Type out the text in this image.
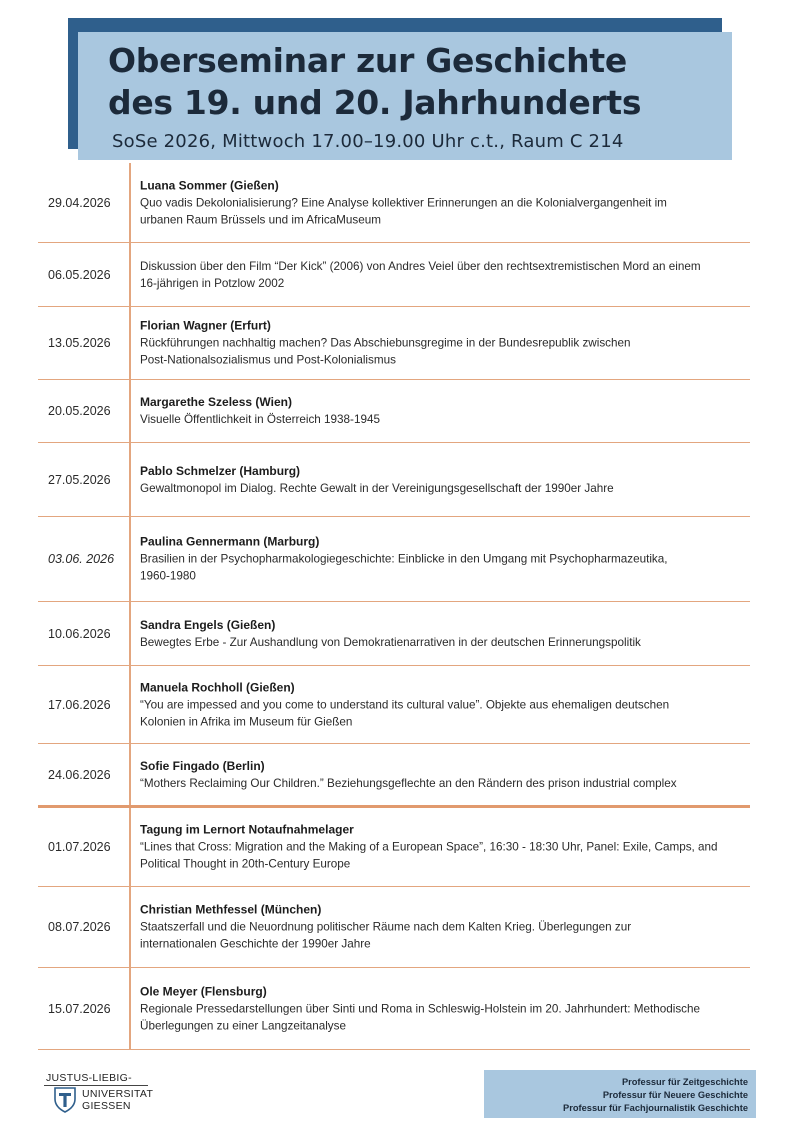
Oberseminar zur Geschichte
des 19. und 20. Jahrhunderts

SoSe 2026, Mittwoch 17.00–19.00 Uhr c.t., Raum C 214

29.04.2026
Luana Sommer (Gießen)
Quo vadis Dekolonialisierung? Eine Analyse kollektiver Erinnerungen an die Kolonialvergangenheit im
urbanen Raum Brüssels und im AfricaMuseum
06.05.2026
Diskussion über den Film “Der Kick” (2006) von Andres Veiel über den rechtsextremistischen Mord an einem
16-jährigen in Potzlow 2002
13.05.2026
Florian Wagner (Erfurt)
Rückführungen nachhaltig machen? Das Abschiebunsgregime in der Bundesrepublik zwischen
Post-Nationalsozialismus und Post-Kolonialismus
20.05.2026
Margarethe Szeless (Wien)
Visuelle Öffentlichkeit in Österreich 1938-1945
27.05.2026
Pablo Schmelzer (Hamburg)
Gewaltmonopol im Dialog. Rechte Gewalt in der Vereinigungsgesellschaft der 1990er Jahre
03.06. 2026
Paulina Gennermann (Marburg)
Brasilien in der Psychopharmakologiegeschichte: Einblicke in den Umgang mit Psychopharmazeutika,
1960-1980
10.06.2026
Sandra Engels (Gießen)
Bewegtes Erbe - Zur Aushandlung von Demokratienarrativen in der deutschen Erinnerungspolitik
17.06.2026
Manuela Rochholl (Gießen)
“You are impessed and you come to understand its cultural value”. Objekte aus ehemaligen deutschen
Kolonien in Afrika im Museum für Gießen
24.06.2026
Sofie Fingado (Berlin)
“Mothers Reclaiming Our Children.” Beziehungsgeflechte an den Rändern des prison industrial complex
01.07.2026
Tagung im Lernort Notaufnahmelager
“Lines that Cross: Migration and the Making of a European Space”, 16:30 - 18:30 Uhr, Panel: Exile, Camps, and
Political Thought in 20th-Century Europe
08.07.2026
Christian Methfessel (München)
Staatszerfall und die Neuordnung politischer Räume nach dem Kalten Krieg. Überlegungen zur
internationalen Geschichte der 1990er Jahre
15.07.2026
Ole Meyer (Flensburg)
Regionale Pressedarstellungen über Sinti und Roma in Schleswig-Holstein im 20. Jahrhundert: Methodische
Überlegungen zu einer Langzeitanalyse
JUSTUS-LIEBIG-
UNIVERSITAT
GIESSEN
Professur für Zeitgeschichte
Professur für Neuere Geschichte
Professur für Fachjournalistik Geschichte
